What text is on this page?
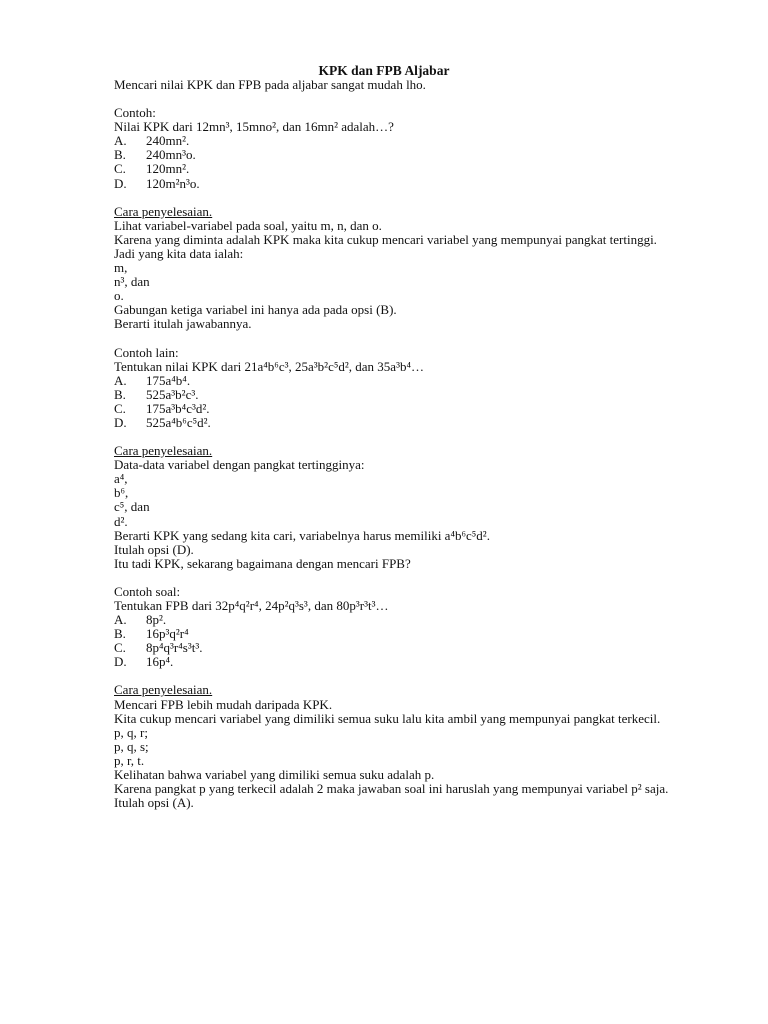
KPK dan FPB Aljabar

Mencari nilai KPK dan FPB pada aljabar sangat mudah lho.

Contoh:

Nilai KPK dari 12mn³, 15mno², dan 16mn² adalah…?

A.	240mn².
B.	240mn³o.
C.	120mn².
D.	120m²n³o.

Cara penyelesaian.

Lihat variabel-variabel pada soal, yaitu m, n, dan o.

Karena yang diminta adalah KPK maka kita cukup mencari variabel yang mempunyai pangkat tertinggi.

Jadi yang kita data ialah:

m,

n³, dan

o.

Gabungan ketiga variabel ini hanya ada pada opsi (B).

Berarti itulah jawabannya.

Contoh lain:

Tentukan nilai KPK dari 21a⁴b⁶c³, 25a³b²c⁵d², dan 35a³b⁴…

A.	175a⁴b⁴.
B.	525a³b²c³.
C.	175a³b⁴c³d².
D.	525a⁴b⁶c⁵d².

Cara penyelesaian.

Data-data variabel dengan pangkat tertingginya:

a⁴,

b⁶,

c⁵, dan

d².

Berarti KPK yang sedang kita cari, variabelnya harus memiliki a⁴b⁶c⁵d².

Itulah opsi (D).

Itu tadi KPK, sekarang bagaimana dengan mencari FPB?

Contoh soal:

Tentukan FPB dari 32p⁴q²r⁴, 24p²q³s³, dan 80p³r³t³…

A.	8p².
B.	16p³q²r⁴
C.	8p⁴q³r⁴s³t³.
D.	16p⁴.

Cara penyelesaian.

Mencari FPB lebih mudah daripada KPK.

Kita cukup mencari variabel yang dimiliki semua suku lalu kita ambil yang mempunyai pangkat terkecil.

p, q, r;

p, q, s;

p, r, t.

Kelihatan bahwa variabel yang dimiliki semua suku adalah p.

Karena pangkat p yang terkecil adalah 2 maka jawaban soal ini haruslah yang mempunyai variabel p² saja.

Itulah opsi (A).
